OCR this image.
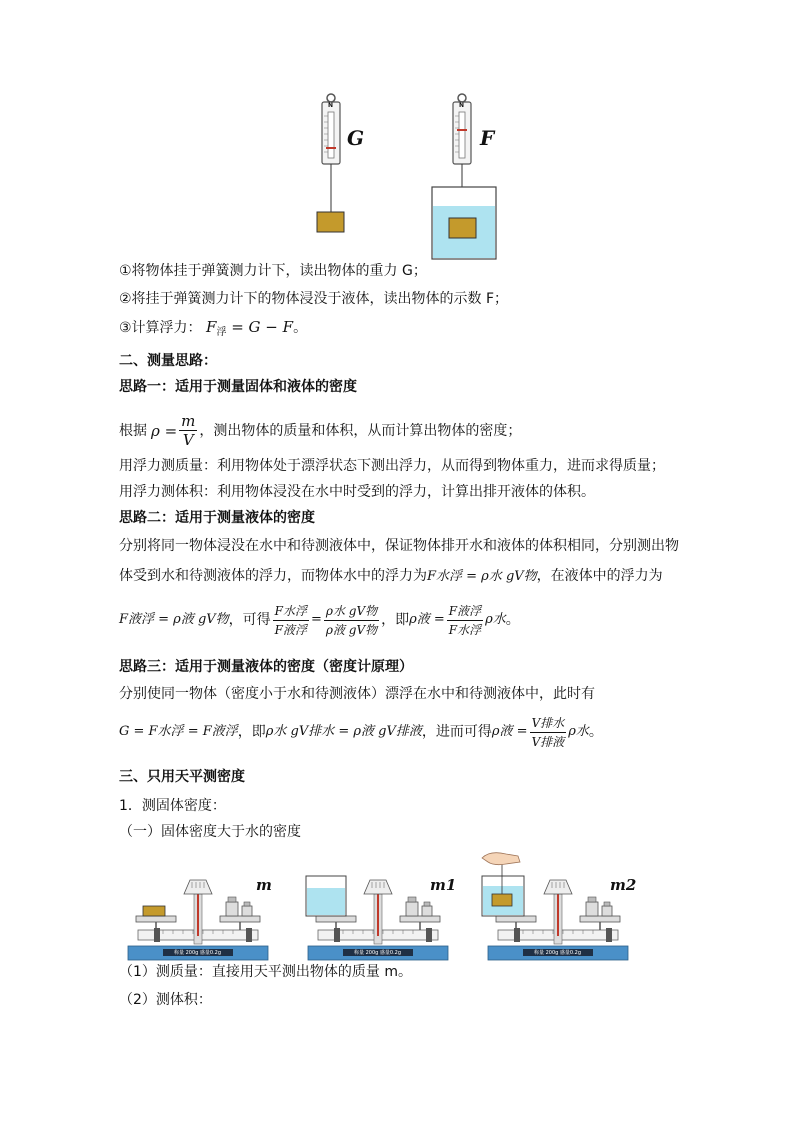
G	F
N	N
①将物体挂于弹簧测力计下，读出物体的重力 G；
②将挂于弹簧测力计下的物体浸没于液体，读出物体的示数 F；
③计算浮力： $F_浮 = G - F$。
二、测量思路：
思路一：适用于测量固体和液体的密度
根据 $\rho = \frac{m}{V}$ ，测出物体的质量和体积，从而计算出物体的密度；
用浮力测质量：利用物体处于漂浮状态下测出浮力，从而得到物体重力，进而求得质量；
用浮力测体积：利用物体浸没在水中时受到的浮力，计算出排开液体的体积。
思路二：适用于测量液体的密度
分别将同一物体浸没在水中和待测液体中，保证物体排开水和液体的体积相同，分别测出物
体受到水和待测液体的浮力，而物体水中的浮力为F水浮 = ρ水 gV物，在液体中的浮力为
F液浮 = ρ液 gV物 ，可得 $\frac{\text{F水浮}}{\text{F液浮}} = \frac{\text{ρ水 gV物}}{\text{ρ液 gV物}}$ ，即 ρ液 = $\frac{\text{F液浮}}{\text{F水浮}}$ ρ水 。
思路三：适用于测量液体的密度（密度计原理）
分别使同一物体（密度小于水和待测液体）漂浮在水中和待测液体中，此时有
G = F水浮 = F液浮 ，即 ρ水 gV排水 = ρ液 gV排液 ，进而可得 ρ液 = $\frac{\text{V排水}}{\text{V排液}}$ ρ水 。
三、只用天平测密度
1．测固体密度：
（一）固体密度大于水的密度
称量 200g 感量0.2g	称量 200g 感量0.2g	称量 200g 感量0.2g
m	m1	m2
（1）测质量：直接用天平测出物体的质量 m。
（2）测体积：
